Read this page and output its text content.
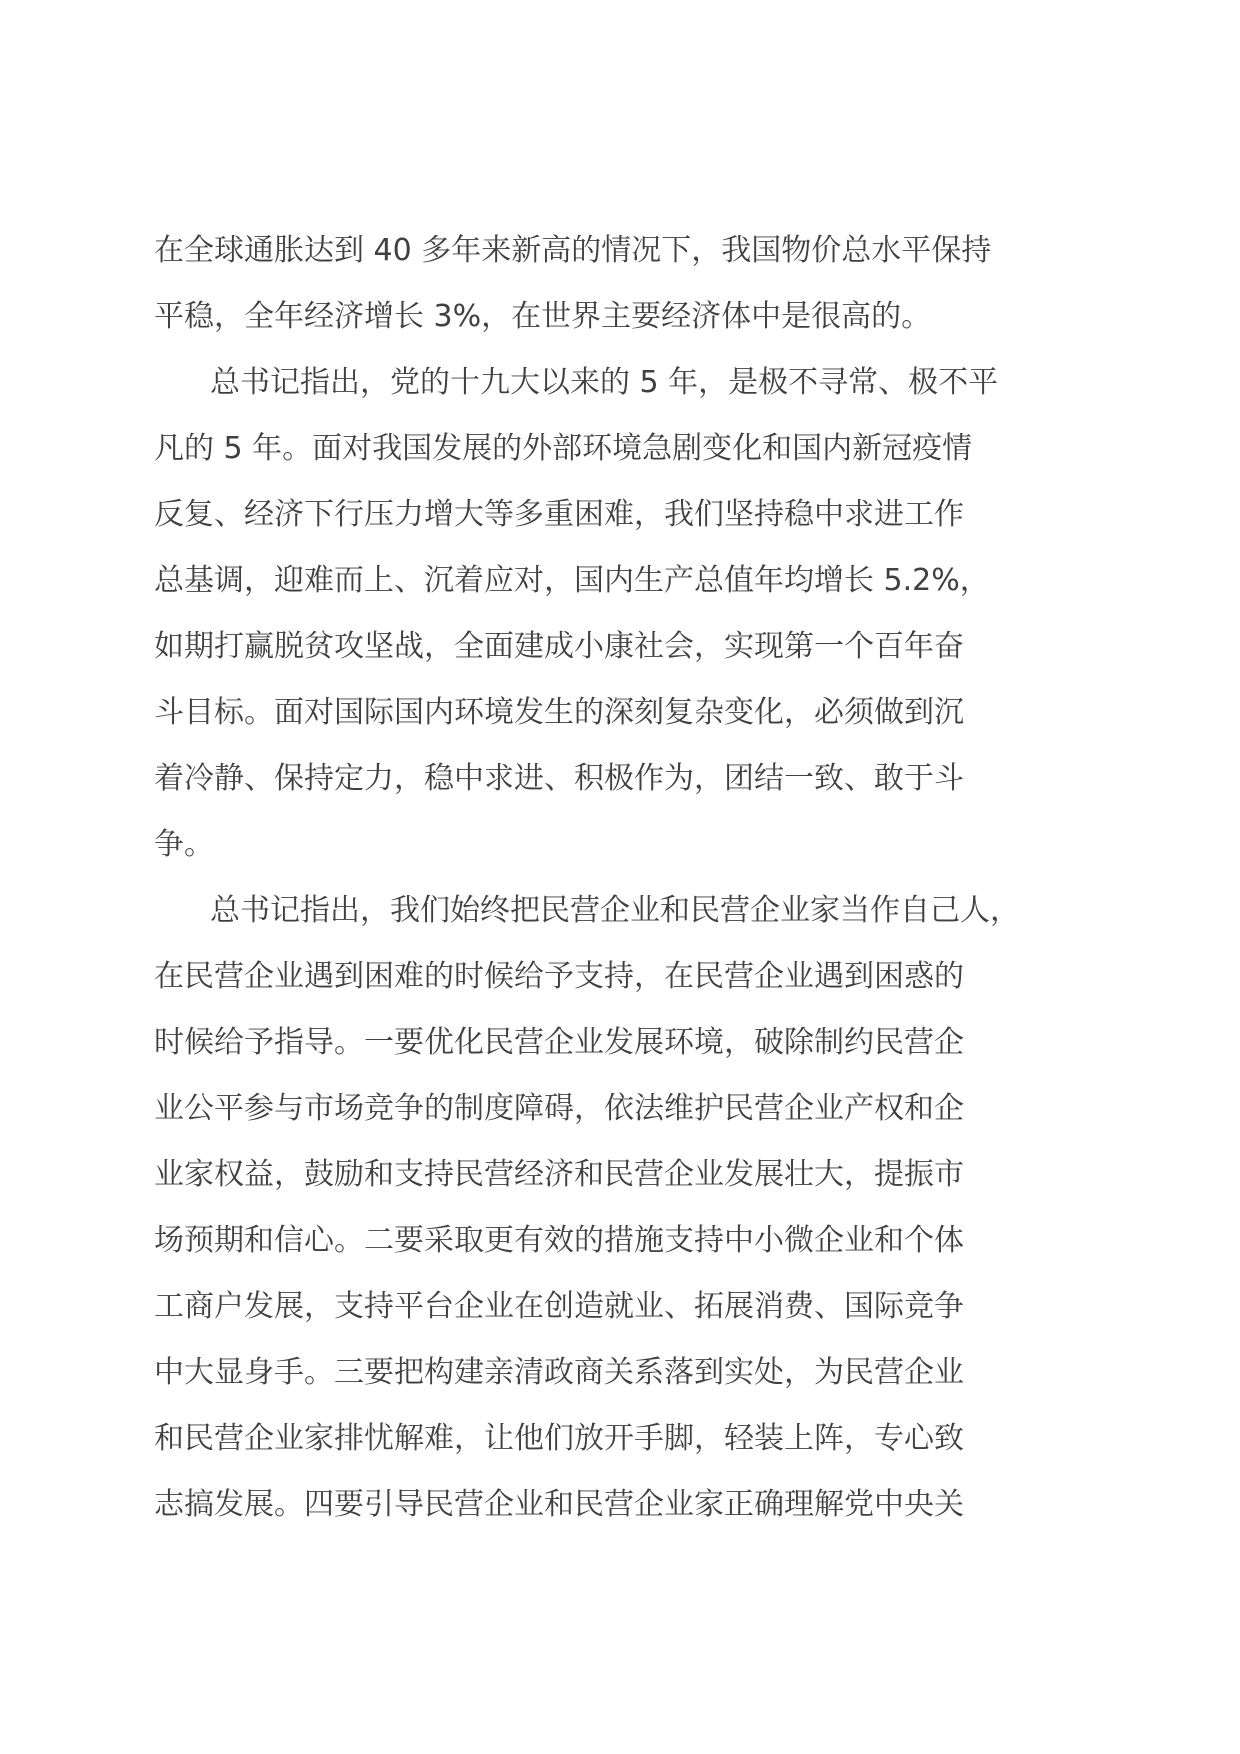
在全球通胀达到 40 多年来新高的情况下，我国物价总水平保持
平稳，全年经济增长 3%，在世界主要经济体中是很高的。
总书记指出，党的十九大以来的 5 年，是极不寻常、极不平
凡的 5 年。面对我国发展的外部环境急剧变化和国内新冠疫情
反复、经济下行压力增大等多重困难，我们坚持稳中求进工作
总基调，迎难而上、沉着应对，国内生产总值年均增长 5.2%，
如期打赢脱贫攻坚战，全面建成小康社会，实现第一个百年奋
斗目标。面对国际国内环境发生的深刻复杂变化，必须做到沉
着冷静、保持定力，稳中求进、积极作为，团结一致、敢于斗
争。
总书记指出，我们始终把民营企业和民营企业家当作自己人，
在民营企业遇到困难的时候给予支持，在民营企业遇到困惑的
时候给予指导。一要优化民营企业发展环境，破除制约民营企
业公平参与市场竞争的制度障碍，依法维护民营企业产权和企
业家权益，鼓励和支持民营经济和民营企业发展壮大，提振市
场预期和信心。二要采取更有效的措施支持中小微企业和个体
工商户发展，支持平台企业在创造就业、拓展消费、国际竞争
中大显身手。三要把构建亲清政商关系落到实处，为民营企业
和民营企业家排忧解难，让他们放开手脚，轻装上阵，专心致
志搞发展。四要引导民营企业和民营企业家正确理解党中央关
